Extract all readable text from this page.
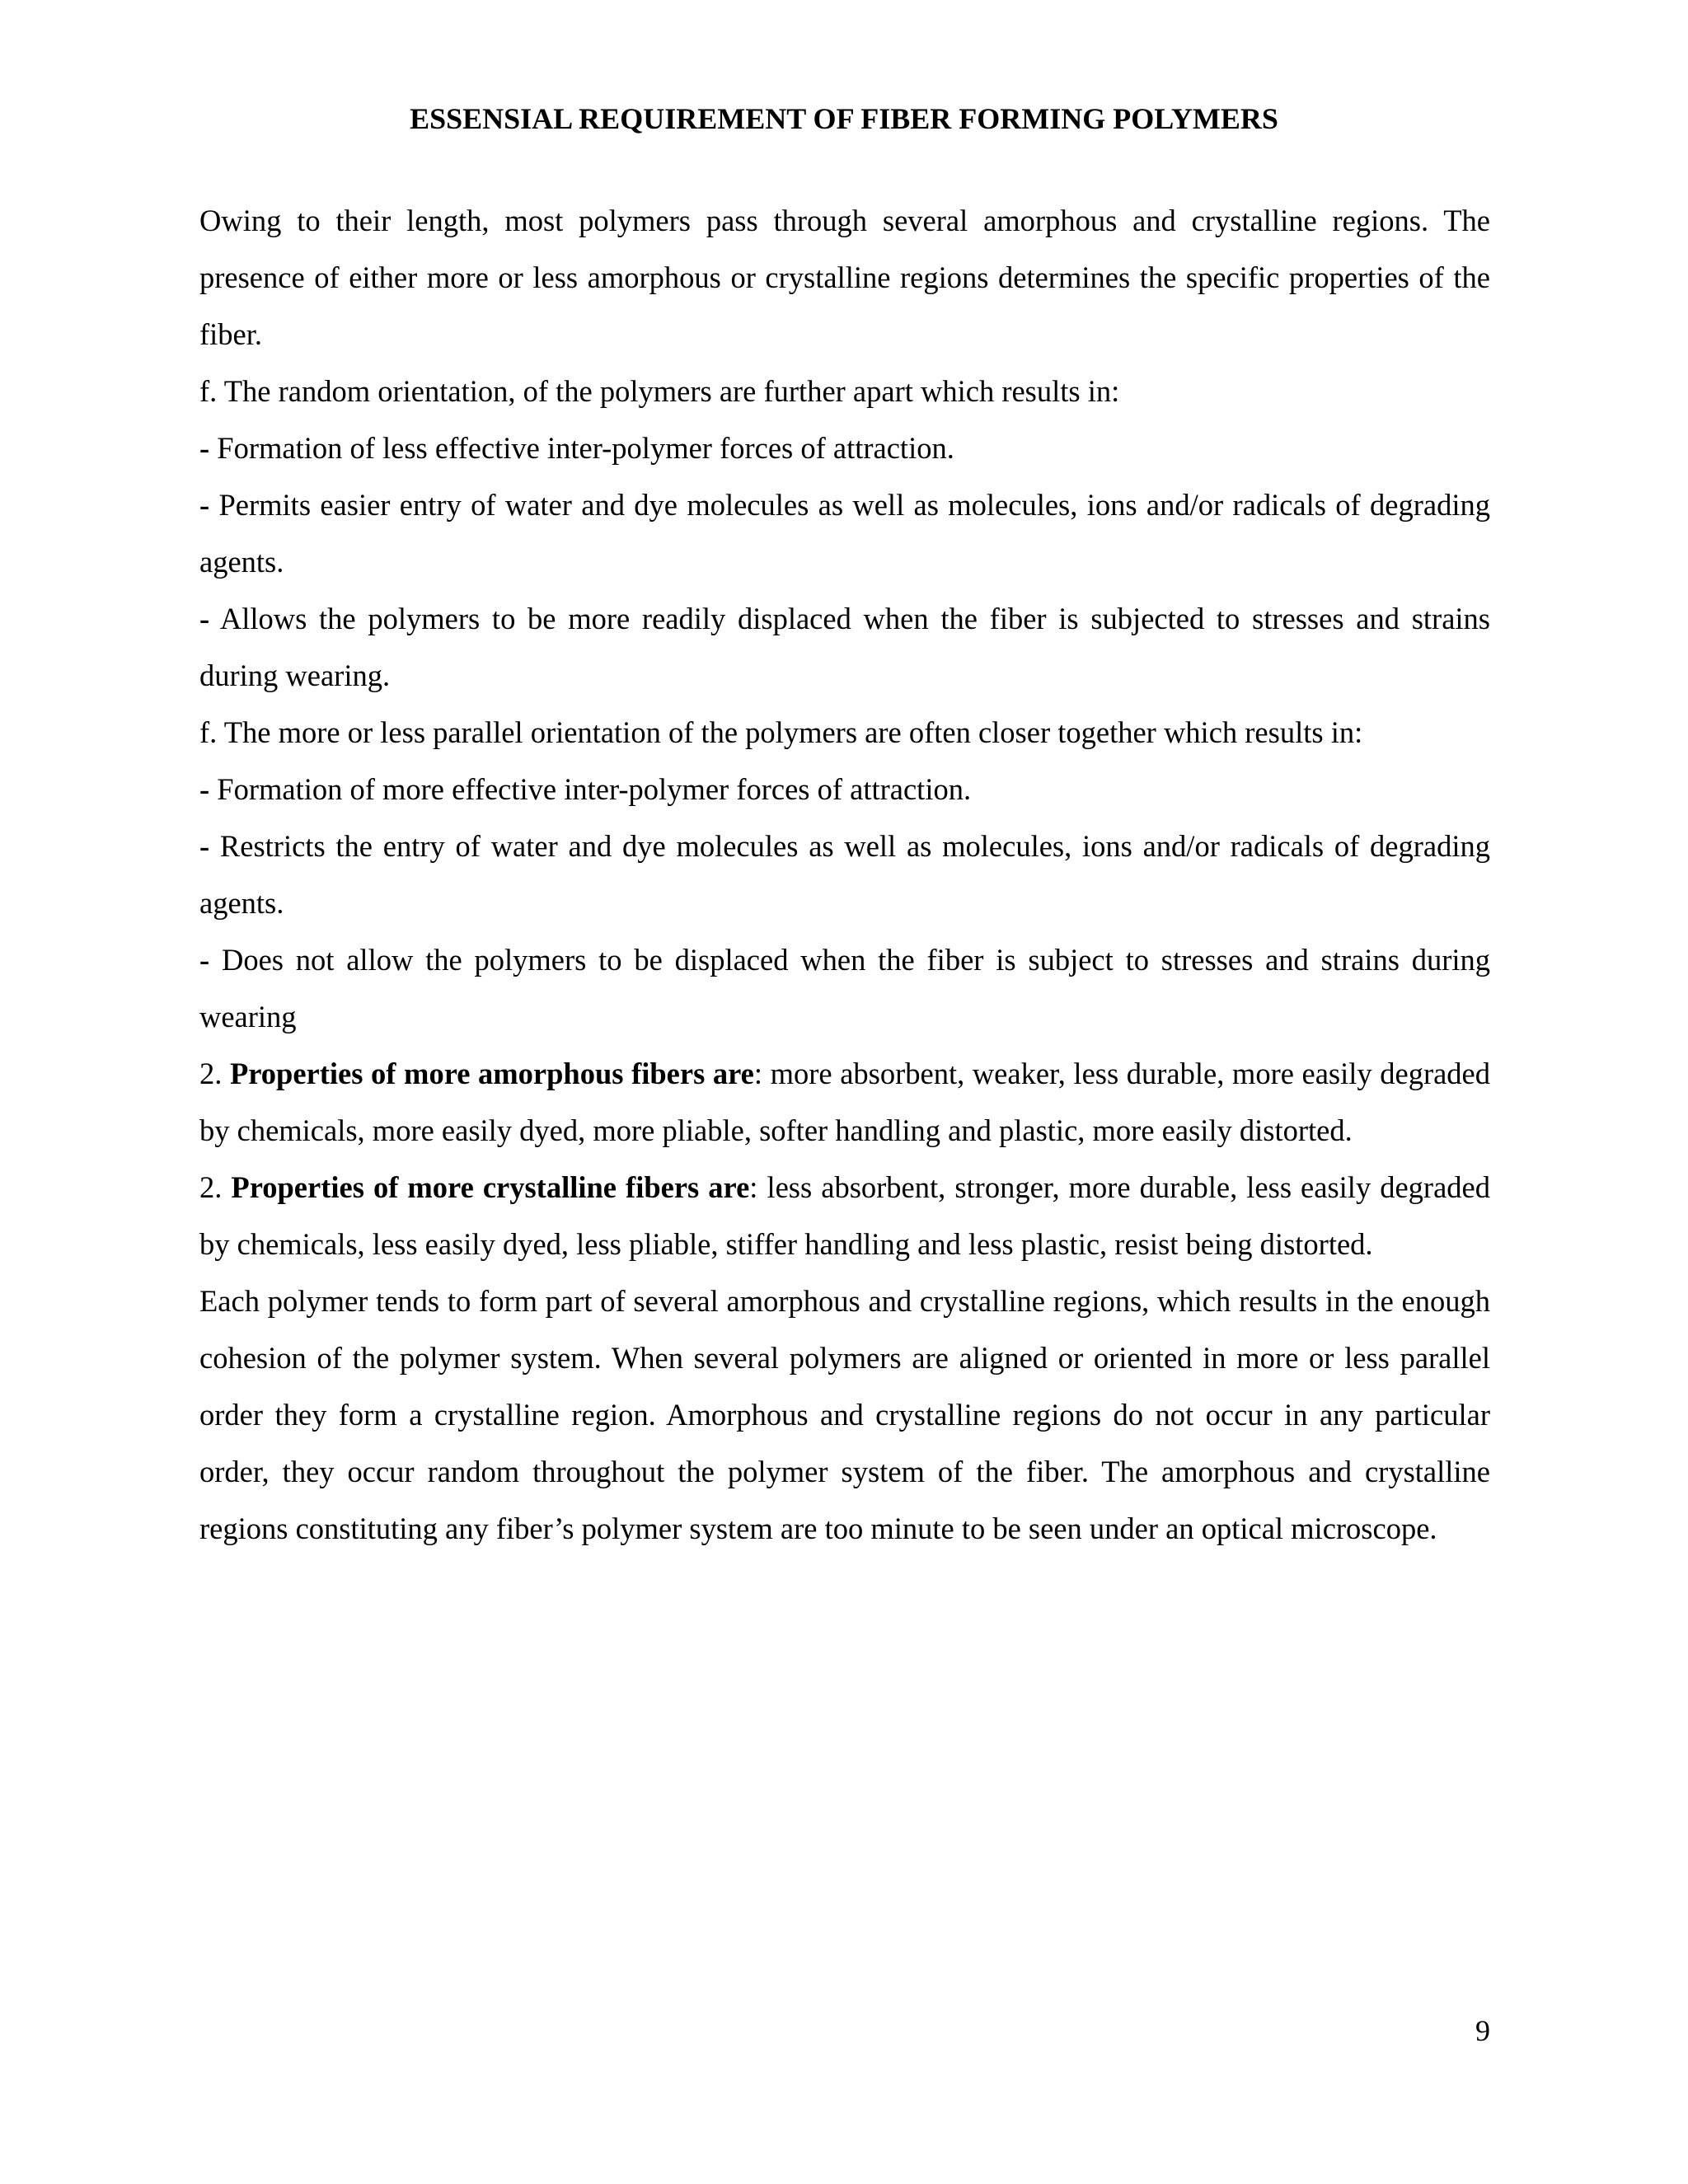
ESSENSIAL REQUIREMENT OF FIBER FORMING POLYMERS

Owing to their length, most polymers pass through several amorphous and crystalline regions. The presence of either more or less amorphous or crystalline regions determines the specific properties of the fiber.

f. The random orientation, of the polymers are further apart which results in:

- Formation of less effective inter-polymer forces of attraction.

- Permits easier entry of water and dye molecules as well as molecules, ions and/or radicals of degrading agents.

- Allows the polymers to be more readily displaced when the fiber is subjected to stresses and strains during wearing.

f. The more or less parallel orientation of the polymers are often closer together which results in:

- Formation of more effective inter-polymer forces of attraction.

- Restricts the entry of water and dye molecules as well as molecules, ions and/or radicals of degrading agents.

- Does not allow the polymers to be displaced when the fiber is subject to stresses and strains during wearing

2. Properties of more amorphous fibers are: more absorbent, weaker, less durable, more easily degraded by chemicals, more easily dyed, more pliable, softer handling and plastic, more easily distorted.

2. Properties of more crystalline fibers are: less absorbent, stronger, more durable, less easily degraded by chemicals, less easily dyed, less pliable, stiffer handling and less plastic, resist being distorted.

Each polymer tends to form part of several amorphous and crystalline regions, which results in the enough cohesion of the polymer system. When several polymers are aligned or oriented in more or less parallel order they form a crystalline region. Amorphous and crystalline regions do not occur in any particular order, they occur random throughout the polymer system of the fiber. The amorphous and crystalline regions constituting any fiber’s polymer system are too minute to be seen under an optical microscope.

9
